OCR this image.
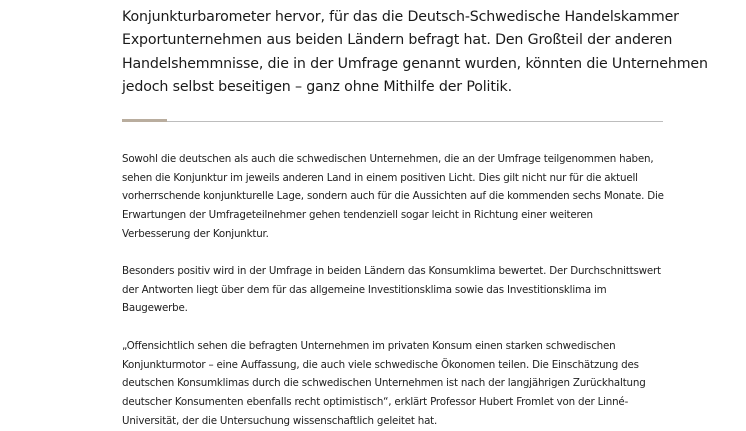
Konjunkturbarometer hervor, für das die Deutsch-Schwedische Handelskammer
Exportunternehmen aus beiden Ländern befragt hat. Den Großteil der anderen
Handelshemmnisse, die in der Umfrage genannt wurden, könnten die Unternehmen
jedoch selbst beseitigen – ganz ohne Mithilfe der Politik.
Sowohl die deutschen als auch die schwedischen Unternehmen, die an der Umfrage teilgenommen haben,
sehen die Konjunktur im jeweils anderen Land in einem positiven Licht. Dies gilt nicht nur für die aktuell
vorherrschende konjunkturelle Lage, sondern auch für die Aussichten auf die kommenden sechs Monate. Die
Erwartungen der Umfrageteilnehmer gehen tendenziell sogar leicht in Richtung einer weiteren
Verbesserung der Konjunktur.
Besonders positiv wird in der Umfrage in beiden Ländern das Konsumklima bewertet. Der Durchschnittswert
der Antworten liegt über dem für das allgemeine Investitionsklima sowie das Investitionsklima im
Baugewerbe.
„Offensichtlich sehen die befragten Unternehmen im privaten Konsum einen starken schwedischen
Konjunkturmotor – eine Auffassung, die auch viele schwedische Ökonomen teilen. Die Einschätzung des
deutschen Konsumklimas durch die schwedischen Unternehmen ist nach der langjährigen Zurückhaltung
deutscher Konsumenten ebenfalls recht optimistisch“, erklärt Professor Hubert Fromlet von der Linné-
Universität, der die Untersuchung wissenschaftlich geleitet hat.
